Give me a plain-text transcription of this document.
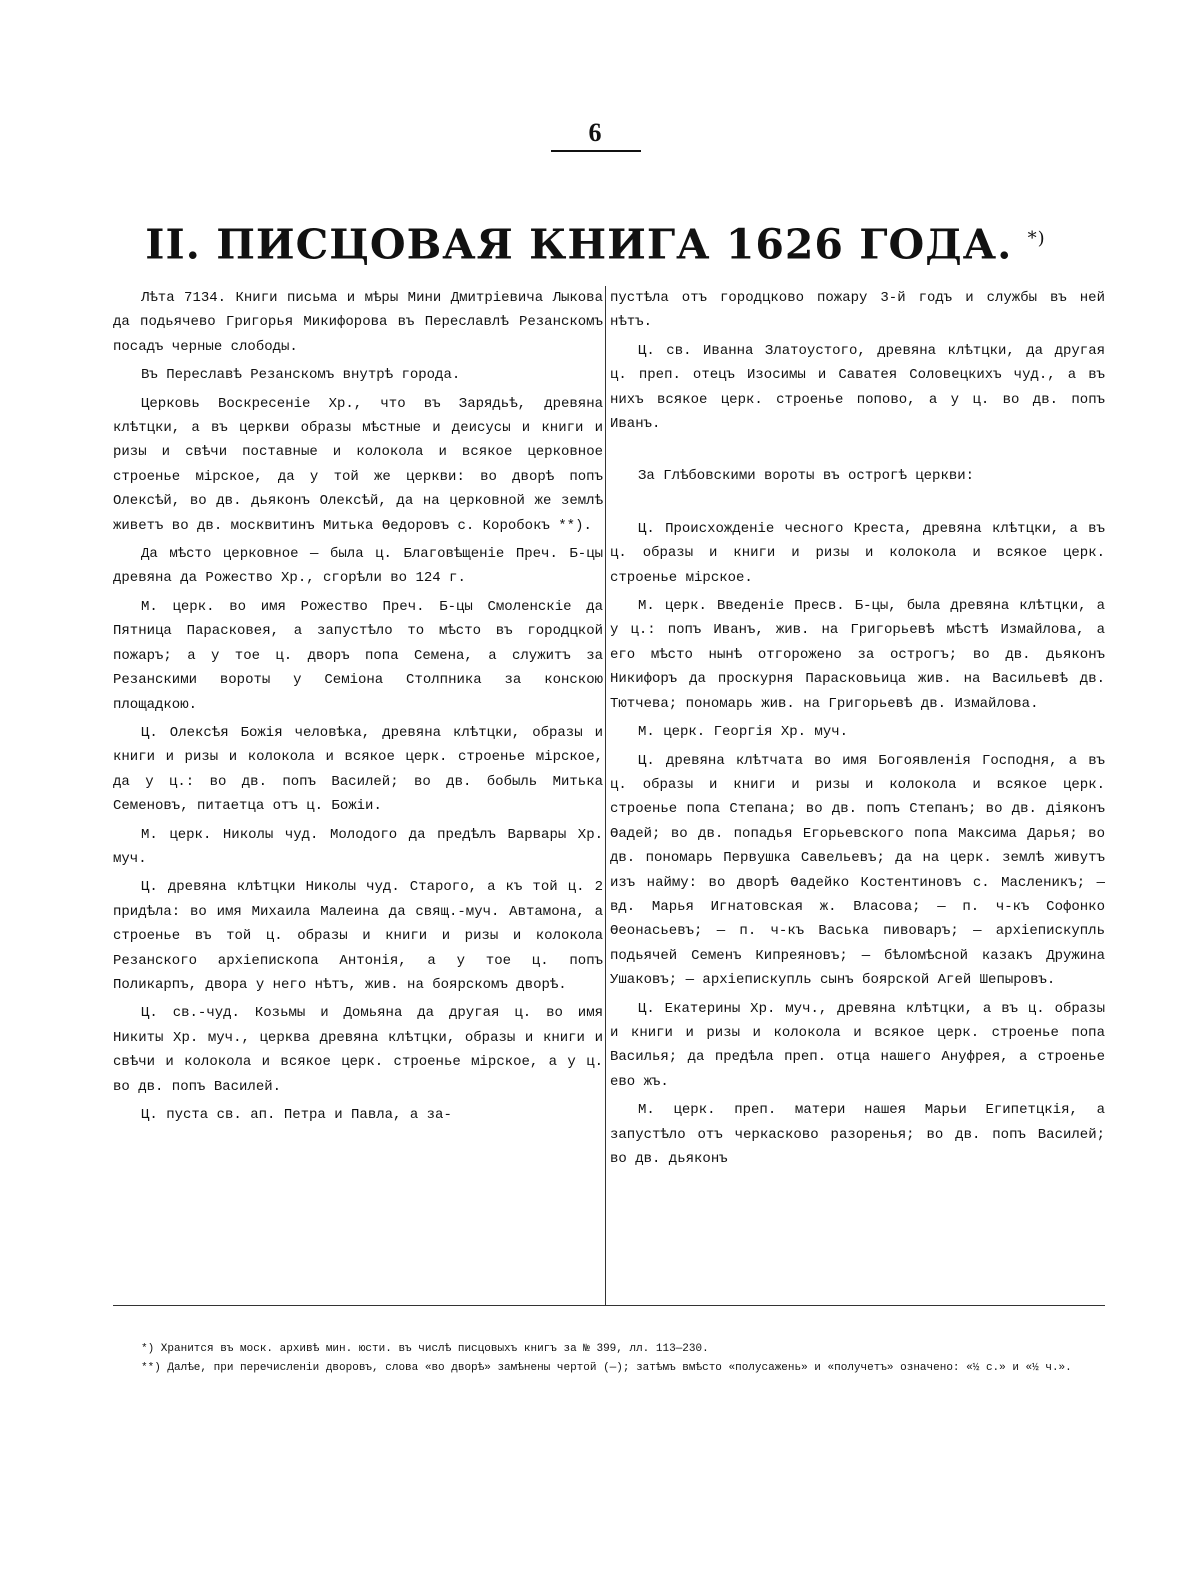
6
II. ПИСЦОВАЯ КНИГА 1626 ГОДА. *)

Лѣта 7134. Книги письма и мѣры Мини Дмитріевича Лыкова да подьячево Григорья Микифорова въ Переславлѣ Резанскомъ посадъ черные слободы.

Въ Переславѣ Резанскомъ внутрѣ города.

Церковь Воскресеніе Хр., что въ Зарядьѣ, древяна клѣтцки, а въ церкви образы мѣстные и деисусы и книги и ризы и свѣчи поставные и колокола и всякое церковное строенье мірское, да у той же церкви: во дворѣ попъ Олексѣй, во дв. дьяконъ Олексѣй, да на церковной же землѣ живетъ во дв. москвитинъ Митька Өедоровъ с. Коробокъ **).

Да мѣсто церковное — была ц. Благовѣщеніе Преч. Б-цы древяна да Рожество Хр., сгорѣли во 124 г.

М. церк. во имя Рожество Преч. Б-цы Смоленскіе да Пятница Парасковея, а запустѣло то мѣсто въ городцкой пожаръ; а у тое ц. дворъ попа Семена, а служитъ за Резанскими вороты у Семіона Столпника за конскою площадкою.

Ц. Олексѣя Божія человѣка, древяна клѣтцки, образы и книги и ризы и колокола и всякое церк. строенье мірское, да у ц.: во дв. попъ Василей; во дв. бобыль Митька Семеновъ, питаетца отъ ц. Божіи.

М. церк. Николы чуд. Молодого да предѣлъ Варвары Хр. муч.

Ц. древяна клѣтцки Николы чуд. Старого, а къ той ц. 2 придѣла: во имя Михаила Малеина да свящ.-муч. Автамона, а строенье въ той ц. образы и книги и ризы и колокола Резанского архіепископа Антонія, а у тое ц. попъ Поликарпъ, двора у него нѣтъ, жив. на боярскомъ дворѣ.

Ц. св.-чуд. Козьмы и Домьяна да другая ц. во имя Никиты Хр. муч., церква древяна клѣтцки, образы и книги и свѣчи и колокола и всякое церк. строенье мірское, а у ц. во дв. попъ Василей.

Ц. пуста св. ап. Петра и Павла, а за-

пустѣла отъ городцково пожару 3-й годъ и службы въ ней нѣтъ.

Ц. св. Иванна Златоустого, древяна клѣтцки, да другая ц. преп. отецъ Изосимы и Саватея Соловецкихъ чуд., а въ нихъ всякое церк. строенье попово, а у ц. во дв. попъ Иванъ.

За Глѣбовскими вороты въ острогѣ церкви:

Ц. Происхожденіе чесного Креста, древяна клѣтцки, а въ ц. образы и книги и ризы и колокола и всякое церк. строенье мірское.

М. церк. Введеніе Пресв. Б-цы, была древяна клѣтцки, а у ц.: попъ Иванъ, жив. на Григорьевѣ мѣстѣ Измайлова, а его мѣсто нынѣ отгорожено за острогъ; во дв. дьяконъ Никифоръ да проскурня Парасковьица жив. на Васильевѣ дв. Тютчева; пономарь жив. на Григорьевѣ дв. Измайлова.

М. церк. Георгія Хр. муч.

Ц. древяна клѣтчата во имя Богоявленія Господня, а въ ц. образы и книги и ризы и колокола и всякое церк. строенье попа Степана; во дв. попъ Степанъ; во дв. діяконъ Өадей; во дв. попадья Егорьевского попа Максима Дарья; во дв. пономарь Первушка Савельевъ; да на церк. землѣ живутъ изъ найму: во дворѣ Өадейко Костентиновъ с. Масленикъ; — вд. Марья Игнатовская ж. Власова; — п. ч-къ Софонко Өеонасьевъ; — п. ч-къ Васька пивоваръ; — архіепискупль подьячей Семенъ Кипреяновъ; — бѣломѣсной казакъ Дружина Ушаковъ; — архіепискупль сынъ боярской Агей Шепыровъ.

Ц. Екатерины Хр. муч., древяна клѣтцки, а въ ц. образы и книги и ризы и колокола и всякое церк. строенье попа Василья; да предѣла преп. отца нашего Ануфрея, а строенье ево жъ.

М. церк. преп. матери нашея Марьи Египетцкія, а запустѣло отъ черкасково разоренья; во дв. попъ Василей; во дв. дьяконъ

*) Хранится въ моск. архивѣ мин. юсти. въ числѣ писцовыхъ книгъ за № 399, лл. 113—230.

**) Далѣе, при перечисленіи дворовъ, слова «во дворѣ» замѣнены чертой (—); затѣмъ вмѣсто «полусажень» и «получетъ» означено: «½ с.» и «½ ч.».
